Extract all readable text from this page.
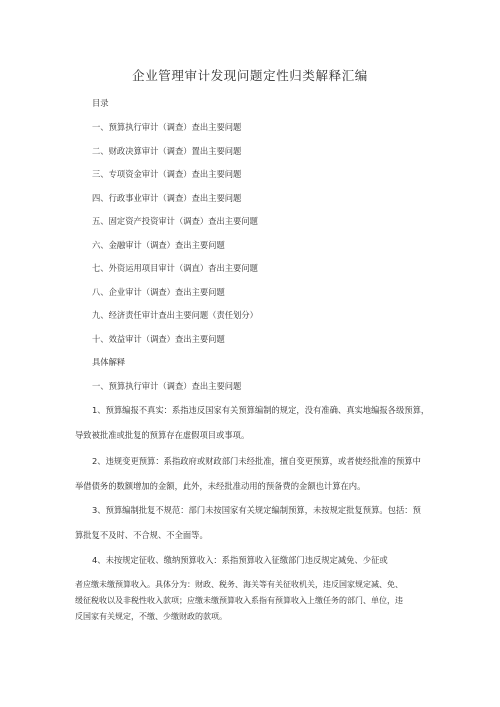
企业管理审计发现问题定性归类解释汇编
目录
一、预算执行审计（调查）查出主要问题
二、财政决算审计（调查）置出主要问题
三、专项资金审计（调查）查出主要问题
四、行政事业审计（调查）查出主要问题
五、固定资产投资审计（调查）查出主要问题
六、金融审计（调查）查出主要问题
七、外资运用项目审计（调直）杳出主要问题
八、企业审计（调查）查出主要问题
九、经济责任审计查出主要问题（责任划分）
十、效益审计（调查）查出主要问题
具体解释
一、预算执行审计（调查）查出主要问题
1、预算编报不真实：系指违反国家有关预算编制的规定，没有准确、真实地编报各级预算，
导致被批准或批复的预算存在虚假项目或事项。
2、违规变更预算：系指政府或财政部门未经批准，擅自变更预算，或者使经批准的预算中
举借债务的数额增加的金额，此外，未经批准动用的预备费的金额也计算在内。
3、预算编制批复不规范：部门未按国家有关规定编制预算，未按规定批复预算。包括：预
算批复不及时、不合规、不全面等。
4、未按规定征收、缴纳预算收入：系指预算收入征缴部门违反规定减免、少征或
者应缴未缴预算收入。具体分为：财政、税务、海关等有关征收机关，违反国家规定减、免、
缓征税收以及非税性收入款项；应缴未缴预算收入系指有预算收入上缴任务的部门、单位，违
反国家有关规定，不缴、少缴财政的款项。
